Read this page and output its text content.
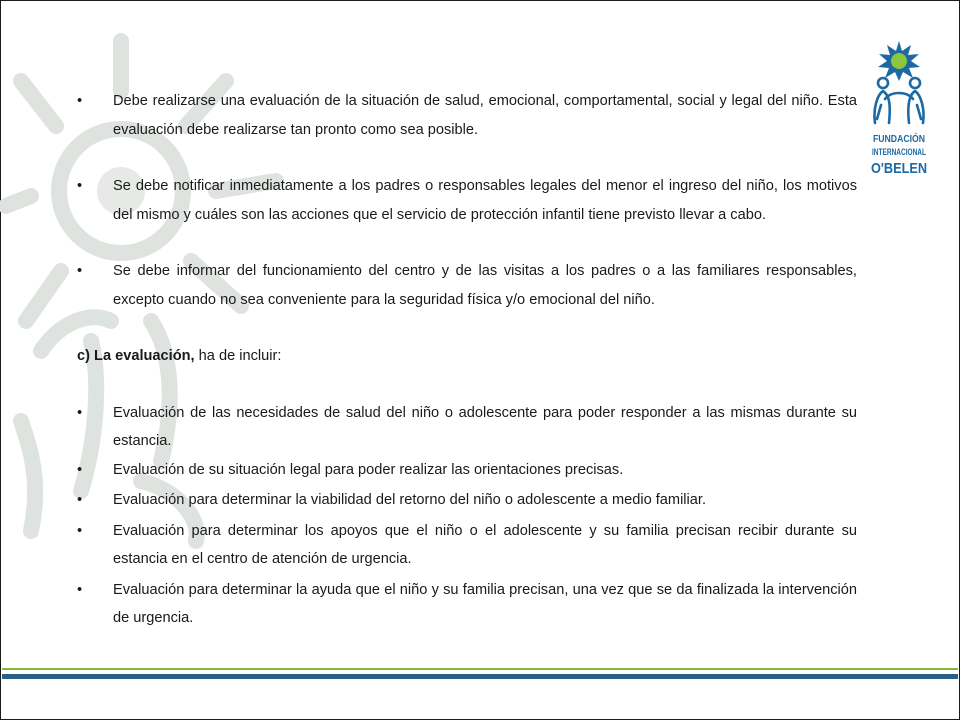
FUNDACIÓN
INTERNACIONAL
O'BELEN
• Debe realizarse una evaluación de la situación de salud, emocional, comportamental, social y legal del niño. Esta evaluación debe realizarse tan pronto como sea posible.
• Se debe notificar inmediatamente a los padres o responsables legales del menor el ingreso del niño, los motivos del mismo y cuáles son las acciones que el servicio de protección infantil tiene previsto llevar a cabo.
• Se debe informar del funcionamiento del centro y de las visitas a los padres o a las familiares responsables, excepto cuando no sea conveniente para la seguridad física y/o emocional del niño.
c) La evaluación, ha de incluir:
• Evaluación de las necesidades de salud del niño o adolescente para poder responder a las mismas durante su estancia.
• Evaluación de su situación legal para poder realizar las orientaciones precisas.
• Evaluación para determinar la viabilidad del retorno del niño o adolescente a medio familiar.
• Evaluación para determinar los apoyos que el niño o el adolescente y su familia precisan recibir durante su estancia en el centro de atención de urgencia.
• Evaluación para determinar la ayuda que el niño y su familia precisan, una vez que se da finalizada la intervención de urgencia.
